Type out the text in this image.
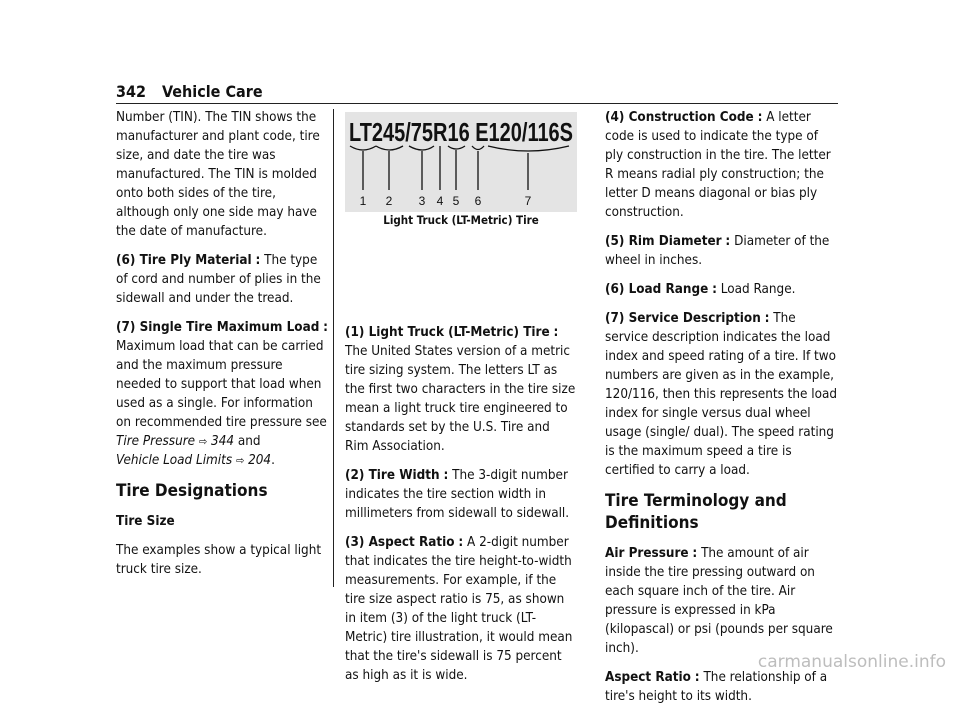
342 Vehicle Care

Number (TIN). The TIN shows the manufacturer and plant code, tire size, and date the tire was manufactured. The TIN is molded onto both sides of the tire, although only one side may have the date of manufacture.

(6) Tire Ply Material : The type of cord and number of plies in the sidewall and under the tread.

(7) Single Tire Maximum Load :
Maximum load that can be carried and the maximum pressure needed to support that load when used as a single. For information on recommended tire pressure see Tire Pressure ⇨ 344 and
Vehicle Load Limits ⇨ 204.

Tire Designations
Tire Size

The examples show a typical light truck tire size.

LT245/75R16 E120/116S
1 2 3 4 5 6	7
Light Truck (LT-Metric) Tire

(1) Light Truck (LT-Metric) Tire : The United States version of a metric tire sizing system. The letters LT as the first two characters in the tire size mean a light truck tire engineered to standards set by the U.S. Tire and Rim Association.

(2) Tire Width : The 3-digit number indicates the tire section width in millimeters from sidewall to sidewall.

(3) Aspect Ratio : A 2-digit number that indicates the tire height-to-width measurements. For example, if the tire size aspect ratio is 75, as shown in item (3) of the light truck (LT-Metric) tire illustration, it would mean that the tire's sidewall is 75 percent as high as it is wide.

(4) Construction Code : A letter code is used to indicate the type of ply construction in the tire. The letter R means radial ply construction; the letter D means diagonal or bias ply construction.

(5) Rim Diameter : Diameter of the wheel in inches.

(6) Load Range : Load Range.

(7) Service Description : The service description indicates the load index and speed rating of a tire. If two numbers are given as in the example, 120/116, then this represents the load index for single versus dual wheel usage (single/ dual). The speed rating is the maximum speed a tire is certified to carry a load.

Tire Terminology and Definitions

Air Pressure : The amount of air inside the tire pressing outward on each square inch of the tire. Air pressure is expressed in kPa (kilopascal) or psi (pounds per square inch).

Aspect Ratio : The relationship of a tire's height to its width.

carmanualsonline.info
